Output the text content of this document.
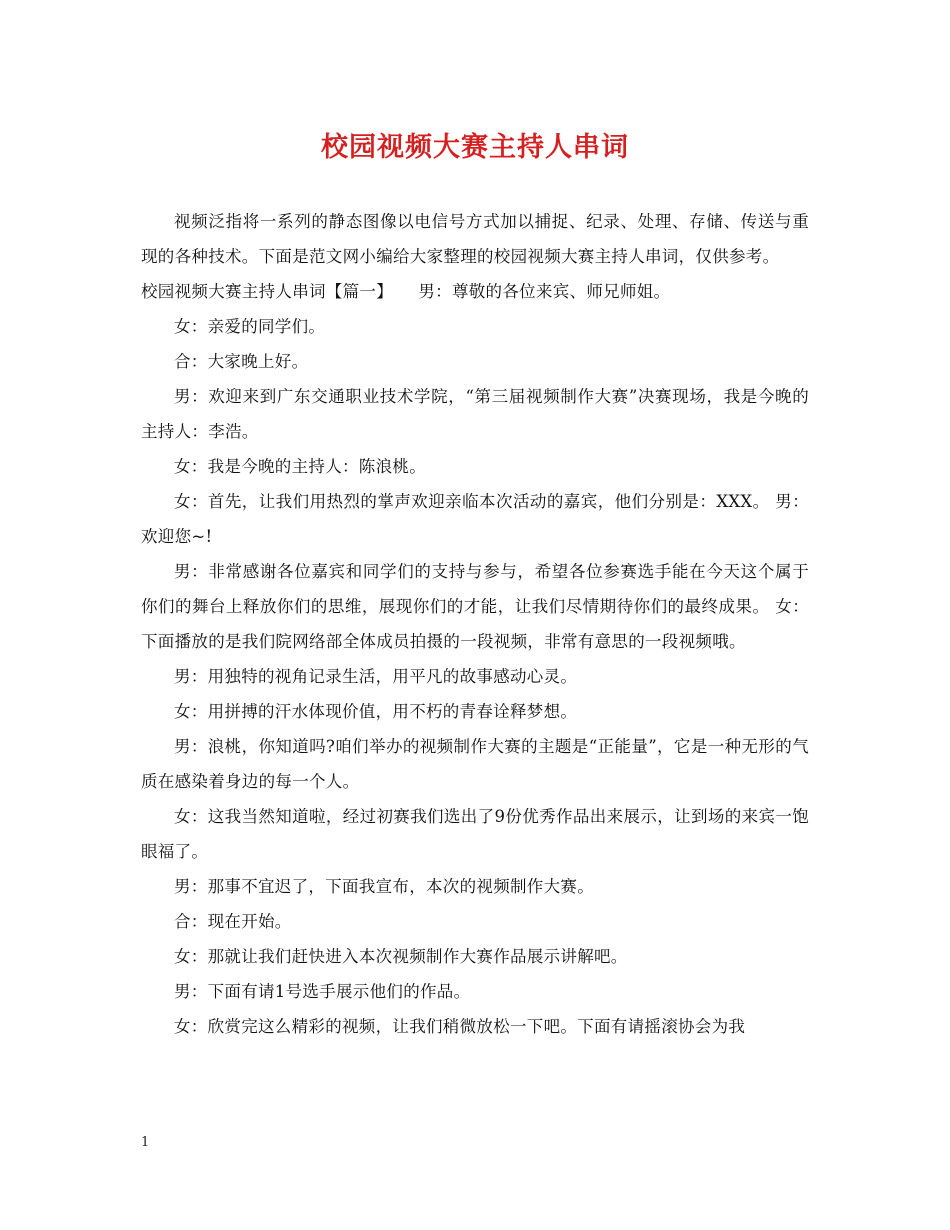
校园视频大赛主持人串词

视频泛指将一系列的静态图像以电信号方式加以捕捉、纪录、处理、存储、传送与重现的各种技术。下面是范文网小编给大家整理的校园视频大赛主持人串词，仅供参考。

校园视频大赛主持人串词【篇一】　　男：尊敬的各位来宾、师兄师姐。

女：亲爱的同学们。

合：大家晚上好。

男：欢迎来到广东交通职业技术学院，“第三届视频制作大赛”决赛现场，我是今晚的主持人：李浩。

女：我是今晚的主持人：陈浪桃。

女：首先，让我们用热烈的掌声欢迎亲临本次活动的嘉宾，他们分别是：XXX。 男：欢迎您~!

男：非常感谢各位嘉宾和同学们的支持与参与，希望各位参赛选手能在今天这个属于你们的舞台上释放你们的思维，展现你们的才能，让我们尽情期待你们的最终成果。 女：下面播放的是我们院网络部全体成员拍摄的一段视频，非常有意思的一段视频哦。

男：用独特的视角记录生活，用平凡的故事感动心灵。

女：用拼搏的汗水体现价值，用不朽的青春诠释梦想。

男：浪桃，你知道吗?咱们举办的视频制作大赛的主题是“正能量”，它是一种无形的气质在感染着身边的每一个人。

女：这我当然知道啦，经过初赛我们选出了9份优秀作品出来展示，让到场的来宾一饱眼福了。

男：那事不宜迟了，下面我宣布，本次的视频制作大赛。

合：现在开始。

女：那就让我们赶快进入本次视频制作大赛作品展示讲解吧。

男：下面有请1号选手展示他们的作品。

女：欣赏完这么精彩的视频，让我们稍微放松一下吧。下面有请摇滚协会为我

1
